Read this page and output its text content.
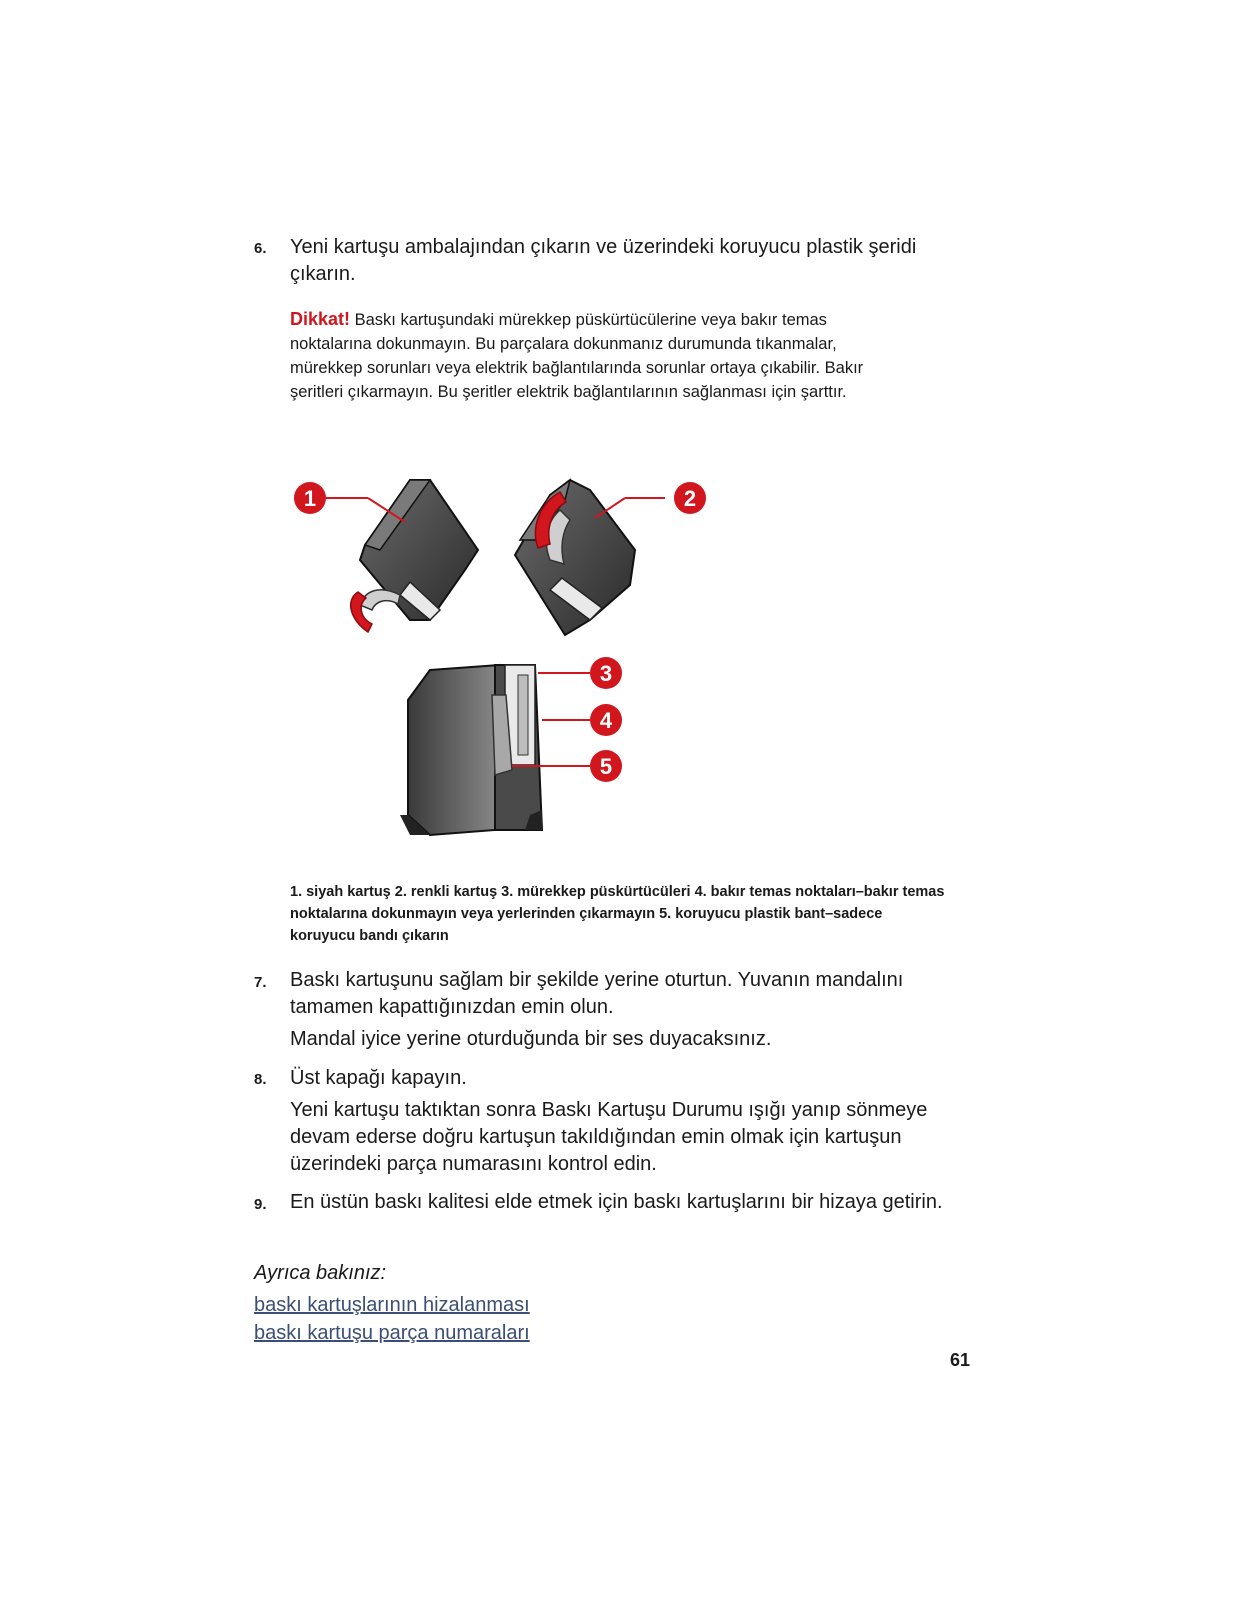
6. Yeni kartuşu ambalajından çıkarın ve üzerindeki koruyucu plastik şeridi çıkarın.
Dikkat! Baskı kartuşundaki mürekkep püskürtücülerine veya bakır temas noktalarına dokunmayın. Bu parçalara dokunmanız durumunda tıkanmalar, mürekkep sorunları veya elektrik bağlantılarında sorunlar ortaya çıkabilir. Bakır şeritleri çıkarmayın. Bu şeritler elektrik bağlantılarının sağlanması için şarttır.
1	2
3
4
5
1. siyah kartuş 2. renkli kartuş 3. mürekkep püskürtücüleri 4. bakır temas noktaları–bakır temas noktalarına dokunmayın veya yerlerinden çıkarmayın 5. koruyucu plastik bant–sadece koruyucu bandı çıkarın
7. Baskı kartuşunu sağlam bir şekilde yerine oturtun. Yuvanın mandalını tamamen kapattığınızdan emin olun.
Mandal iyice yerine oturduğunda bir ses duyacaksınız.
8. Üst kapağı kapayın.
Yeni kartuşu taktıktan sonra Baskı Kartuşu Durumu ışığı yanıp sönmeye devam ederse doğru kartuşun takıldığından emin olmak için kartuşun üzerindeki parça numarasını kontrol edin.
9. En üstün baskı kalitesi elde etmek için baskı kartuşlarını bir hizaya getirin.
Ayrıca bakınız:
baskı kartuşlarının hizalanması
baskı kartuşu parça numaraları
61
